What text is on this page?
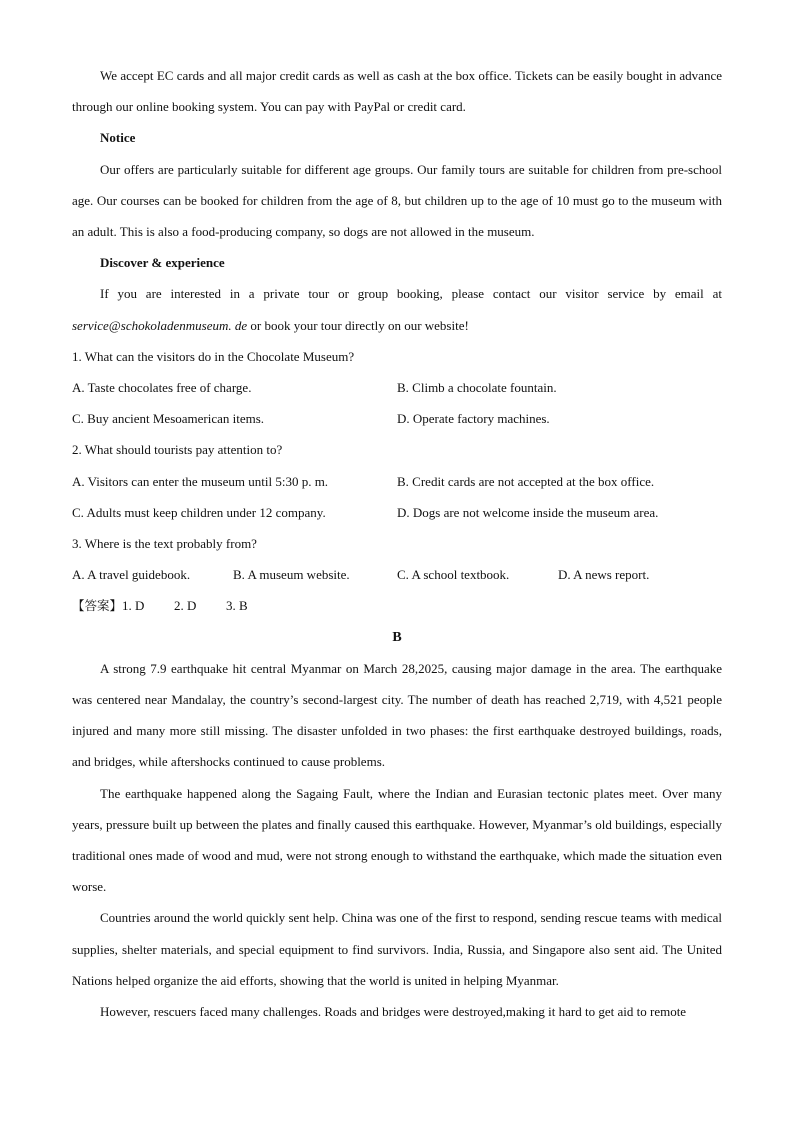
We accept EC cards and all major credit cards as well as cash at the box office. Tickets can be easily bought in advance through our online booking system. You can pay with PayPal or credit card.

Notice

Our offers are particularly suitable for different age groups. Our family tours are suitable for children from pre-school age. Our courses can be booked for children from the age of 8, but children up to the age of 10 must go to the museum with an adult. This is also a food-producing company, so dogs are not allowed in the museum.

Discover & experience

If you are interested in a private tour or group booking, please contact our visitor service by email at service@schokoladenmuseum. de or book your tour directly on our website!

1. What can the visitors do in the Chocolate Museum?

A. Taste chocolates free of charge.	B. Climb a chocolate fountain.
C. Buy ancient Mesoamerican items.	D. Operate factory machines.

2. What should tourists pay attention to?

A. Visitors can enter the museum until 5:30 p. m.	B. Credit cards are not accepted at the box office.
C. Adults must keep children under 12 company.	D. Dogs are not welcome inside the museum area.

3. Where is the text probably from?

A. A travel guidebook.	B. A museum website.	C. A school textbook.	D. A news report.
【答案】 1. D	2. D	3. B

B

A strong 7.9 earthquake hit central Myanmar on March 28,2025, causing major damage in the area. The earthquake was centered near Mandalay, the country’s second-largest city. The number of death has reached 2,719, with 4,521 people injured and many more still missing. The disaster unfolded in two phases: the first earthquake destroyed buildings, roads, and bridges, while aftershocks continued to cause problems.

The earthquake happened along the Sagaing Fault, where the Indian and Eurasian tectonic plates meet. Over many years, pressure built up between the plates and finally caused this earthquake. However, Myanmar’s old buildings, especially traditional ones made of wood and mud, were not strong enough to withstand the earthquake, which made the situation even worse.

Countries around the world quickly sent help. China was one of the first to respond, sending rescue teams with medical supplies, shelter materials, and special equipment to find survivors. India, Russia, and Singapore also sent aid. The United Nations helped organize the aid efforts, showing that the world is united in helping Myanmar.

However, rescuers faced many challenges. Roads and bridges were destroyed,making it hard to get aid to remote
